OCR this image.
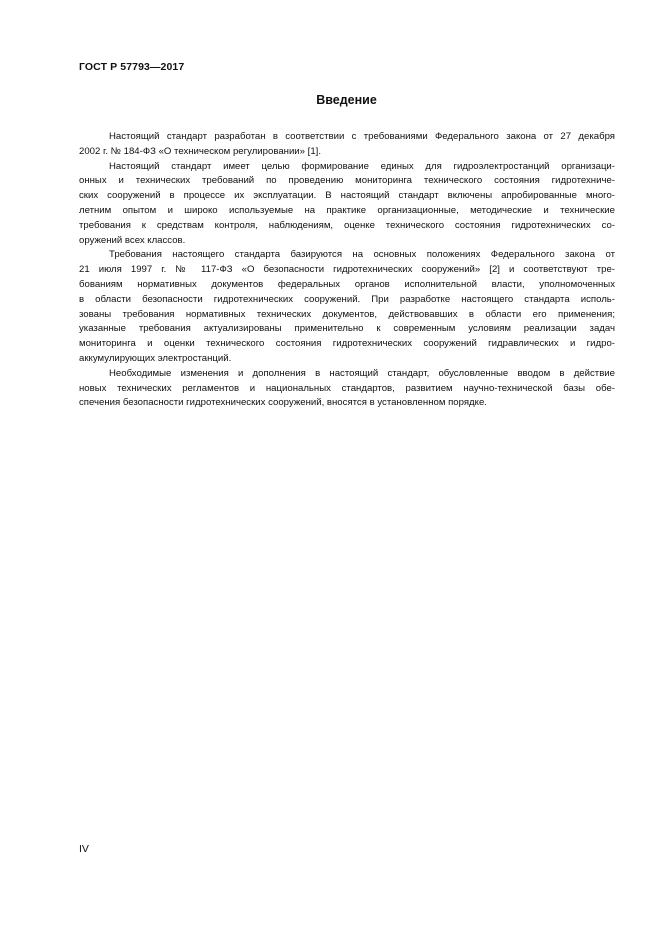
ГОСТ Р 57793—2017
Введение
Настоящий стандарт разработан в соответствии с требованиями Федерального закона от 27 декабря
2002 г. № 184-ФЗ «О техническом регулировании» [1].
Настоящий стандарт имеет целью формирование единых для гидроэлектростанций организаци-
онных и технических требований по проведению мониторинга технического состояния гидротехниче-
ских сооружений в процессе их эксплуатации. В настоящий стандарт включены апробированные много-
летним опытом и широко используемые на практике организационные, методические и технические
требования к средствам контроля, наблюдениям, оценке технического состояния гидротехнических со-
оружений всех классов.
Требования настоящего стандарта базируются на основных положениях Федерального закона от
21 июля 1997 г. № 117-ФЗ «О безопасности гидротехнических сооружений» [2] и соответствуют тре-
бованиям нормативных документов федеральных органов исполнительной власти, уполномоченных
в области безопасности гидротехнических сооружений. При разработке настоящего стандарта исполь-
зованы требования нормативных технических документов, действовавших в области его применения;
указанные требования актуализированы применительно к современным условиям реализации задач
мониторинга и оценки технического состояния гидротехнических сооружений гидравлических и гидро-
аккумулирующих электростанций.
Необходимые изменения и дополнения в настоящий стандарт, обусловленные вводом в действие
новых технических регламентов и национальных стандартов, развитием научно-технической базы обе-
спечения безопасности гидротехнических сооружений, вносятся в установленном порядке.
IV
